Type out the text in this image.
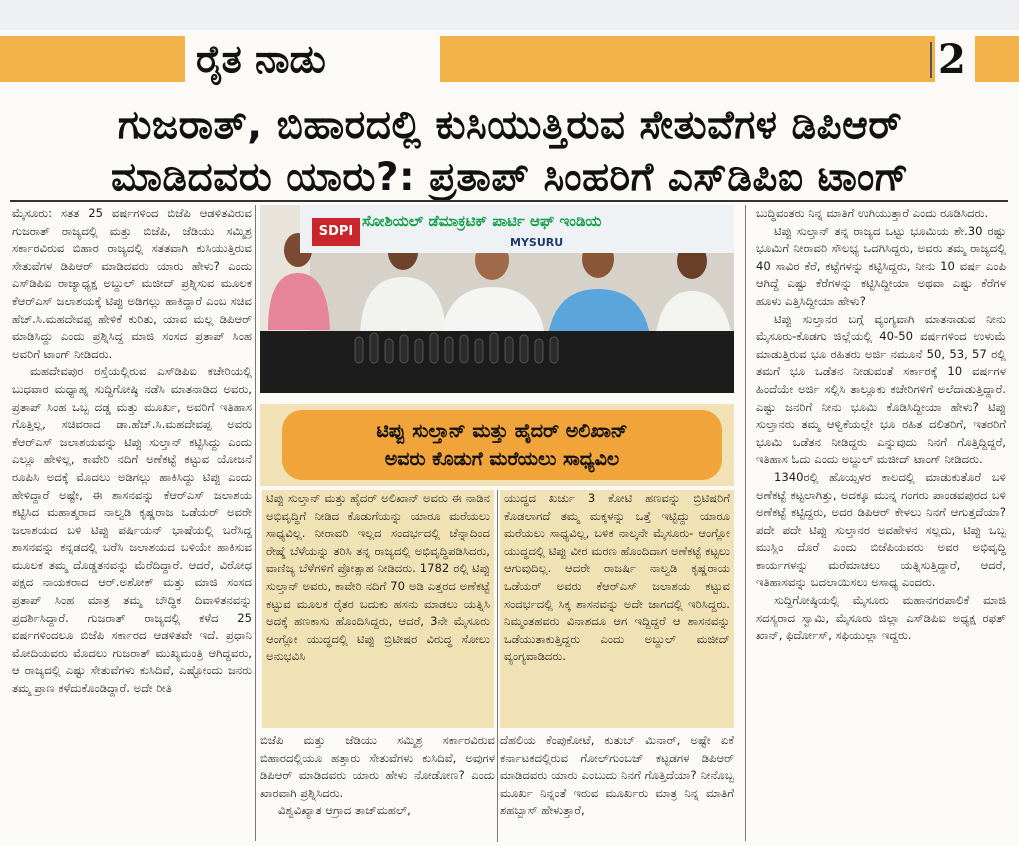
ರೈತ ನಾಡು	2
ಗುಜರಾತ್, ಬಿಹಾರದಲ್ಲಿ ಕುಸಿಯುತ್ತಿರುವ ಸೇತುವೆಗಳ ಡಿಪಿಆರ್
ಮಾಡಿದವರು ಯಾರು?: ಪ್ರತಾಪ್ ಸಿಂಹರಿಗೆ ಎಸ್‌ಡಿಪಿಐ ಟಾಂಗ್

ಮೈಸೂರು: ಸತತ 25 ವರ್ಷಗಳಿಂದ ಬಿಜೆಪಿ ಆಡಳಿತವಿರುವ ಗುಜರಾತ್ ರಾಜ್ಯದಲ್ಲಿ ಮತ್ತು ಬಿಜೆಪಿ, ಜೆಡಿಯು ಸಮ್ಮಿಶ್ರ ಸರ್ಕಾರವಿರುವ ಬಿಹಾರ ರಾಜ್ಯದಲ್ಲಿ ಸತತವಾಗಿ ಕುಸಿಯುತ್ತಿರುವ ಸೇತುವೆಗಳ ಡಿಪಿಆರ್ ಮಾಡಿದವರು ಯಾರು ಹೇಳು? ಎಂದು ಎಸ್‌ಡಿಪಿಐ ರಾಜ್ಯಾಧ್ಯಕ್ಷ ಅಬ್ದುಲ್ ಮಜೀದ್ ಪ್ರಶ್ನಿಸುವ ಮೂಲಕ ಕೆಆರ್‌ಎಸ್ ಜಲಾಶಯಕ್ಕೆ ಟಿಪ್ಪು ಅಡಿಗಲ್ಲು ಹಾಕಿದ್ದಾರೆ ಎಂಬ ಸಚಿವ ಹೆಚ್.ಸಿ.ಮಹದೇವಪ್ಪ ಹೇಳಿಕೆ ಕುರಿತು, ಯಾವ ಮಲ್ಲ ಡಿಪಿಆರ್ ಮಾಡಿಸಿದ್ದು ಎಂದು ಪ್ರಶ್ನಿಸಿದ್ದ ಮಾಜಿ ಸಂಸದ ಪ್ರತಾಪ್ ಸಿಂಹ ಅವರಿಗೆ ಟಾಂಗ್ ನೀಡಿದರು.

ಮಹದೇವಪುರ ರಸ್ತೆಯಲ್ಲಿರುವ ಎಸ್‌ಡಿಪಿಐ ಕಚೇರಿಯಲ್ಲಿ ಬುಧವಾರ ಮಧ್ಯಾಹ್ನ ಸುದ್ದಿಗೋಷ್ಠಿ ನಡೆಸಿ ಮಾತನಾಡಿದ ಅವರು, ಪ್ರತಾಪ್ ಸಿಂಹ ಒಬ್ಬ ದಡ್ಡ ಮತ್ತು ಮೂರ್ಖ, ಅವರಿಗೆ ಇತಿಹಾಸ ಗೊತ್ತಿಲ್ಲ, ಸಚಿವರಾದ ಡಾ.ಹೆಚ್.ಸಿ.ಮಹದೇವಪ್ಪ ಅವರು ಕೆಆರ್‌ಎಸ್ ಜಲಾಶಯವನ್ನು ಟಿಪ್ಪು ಸುಲ್ತಾನ್ ಕಟ್ಟಿಸಿದ್ದು ಎಂದು ಎಲ್ಲೂ ಹೇಳಿಲ್ಲ, ಕಾವೇರಿ ನದಿಗೆ ಅಣೆಕಟ್ಟೆ ಕಟ್ಟುವ ಯೋಜನೆ ರೂಪಿಸಿ ಅದಕ್ಕೆ ಮೊದಲು ಅಡಿಗಲ್ಲು ಹಾಕಿಸಿದ್ದು ಟಿಪ್ಪು ಎಂದು ಹೇಳಿದ್ದಾರೆ ಅಷ್ಟೇ, ಈ ಶಾಸನವನ್ನು ಕೆಆರ್‌ಎಸ್ ಜಲಾಶಯ ಕಟ್ಟಿಸಿದ ಮಹಾತ್ಮರಾದ ನಾಲ್ವಡಿ ಕೃಷ್ಣರಾಜ ಒಡೆಯರ್ ಅವರೇ ಜಲಾಶಯದ ಬಳಿ ಟಿಪ್ಪು ಪರ್ಷಿಯನ್ ಭಾಷೆಯಲ್ಲಿ ಬರೆಸಿದ್ದ ಶಾಸನವನ್ನು ಕನ್ನಡದಲ್ಲಿ ಬರೆಸಿ ಜಲಾಶಯದ ಬಳಿಯೇ ಹಾಕಿಸುವ ಮೂಲಕ ತಮ್ಮ ದೊಡ್ಡತನವನ್ನು ಮೆರೆದಿದ್ದಾರೆ. ಆದರೆ, ವಿರೋಧ ಪಕ್ಷದ ನಾಯಕರಾದ ಆರ್.ಅಶೋಕ್ ಮತ್ತು ಮಾಜಿ ಸಂಸದ ಪ್ರತಾಪ್ ಸಿಂಹ ಮಾತ್ರ ತಮ್ಮ ಬೌದ್ಧಿಕ ದಿವಾಳಿತನವನ್ನು ಪ್ರದರ್ಶಿಸಿದ್ದಾರೆ. ಗುಜರಾತ್ ರಾಜ್ಯದಲ್ಲಿ ಕಳೆದ 25 ವರ್ಷಗಳಿಂದಲೂ ಬಿಜೆಪಿ ಸರ್ಕಾರದ ಆಡಳಿತವೇ ಇದೆ. ಪ್ರಧಾನಿ ಮೋದಿಯವರು ಮೊದಲು ಗುಜರಾತ್ ಮುಖ್ಯಮಂತ್ರಿ ಆಗಿದ್ದವರು, ಆ ರಾಜ್ಯದಲ್ಲಿ ಎಷ್ಟು ಸೇತುವೆಗಳು ಕುಸಿದಿವೆ, ಎಷ್ಟೋಂದು ಜನರು ತಮ್ಮ ಪ್ರಾಣ ಕಳೆದುಕೊಂಡಿದ್ದಾರೆ. ಅದೇ ರೀತಿ

SDPI
ಸೋಶಿಯಲ್ ಡೆಮಾಕ್ರಟಿಕ್ ಪಾರ್ಟಿ ಆಫ್ ಇಂಡಿಯ
MYSURU
ಟಿಪ್ಪು ಸುಲ್ತಾನ್ ಮತ್ತು ಹೈದರ್ ಅಲಿಖಾನ್
ಅವರು ಕೊಡುಗೆ ಮರೆಯಲು ಸಾಧ್ಯವಿಲ

ಟಿಪ್ಪು ಸುಲ್ತಾನ್ ಮತ್ತು ಹೈದರ್ ಅಲಿಖಾನ್ ಅವರು ಈ ನಾಡಿನ ಅಭಿವೃದ್ಧಿಗೆ ನೀಡಿದ ಕೊಡುಗೆಯನ್ನು ಯಾರೂ ಮರೆಯಲು ಸಾಧ್ಯವಿಲ್ಲ. ನೀರಾವರಿ ಇಲ್ಲದ ಸಂದರ್ಭದಲ್ಲಿ ಚೆನ್ನಾದಿಂದ ರೇಷ್ಮೆ ಬೆಳೆಯನ್ನು ತರಿಸಿ ತನ್ನ ರಾಜ್ಯದಲ್ಲಿ ಅಭಿವೃದ್ಧಿಪಡಿಸಿದರು, ವಾಣಿಜ್ಯ ಬೆಳೆಗಳಿಗೆ ಪ್ರೋತ್ಸಾಹ ನೀಡಿದರು. 1782 ರಲ್ಲಿ ಟಿಪ್ಪು ಸುಲ್ತಾನ್ ಅವರು, ಕಾವೇರಿ ನದಿಗೆ 70 ಅಡಿ ಎತ್ತರದ ಅಣೆಕಟ್ಟೆ ಕಟ್ಟುವ ಮೂಲಕ ರೈತರ ಬದುಕು ಹಸನು ಮಾಡಲು ಯತ್ನಿಸಿ ಅದಕ್ಕೆ ಹಣಕಾಸು ಹೊಂದಿಸಿದ್ದರು, ಆದರೆ, 3ನೇ ಮೈಸೂರು ಆಂಗ್ಲೋ ಯುದ್ಧದಲ್ಲಿ ಟಿಪ್ಪು ಬ್ರಿಟೀಷರ ವಿರುದ್ಧ ಸೋಲು ಅನುಭವಿಸಿ

ಯುದ್ಧದ ಖರ್ಚು 3 ಕೋಟಿ ಹಣವನ್ನು ಬ್ರಿಟಿಷರಿಗೆ ಕೊಡಲಾಗದೆ ತಮ್ಮ ಮಕ್ಕಳನ್ನು ಒತ್ತೆ ಇಟ್ಟಿದ್ದು ಯಾರೂ ಮರೆಯಲು ಸಾಧ್ಯವಿಲ್ಲ, ಬಳಿಕ ನಾಲ್ಕನೇ ಮೈಸೂರು- ಆಂಗ್ಲೋ ಯುದ್ಧದಲ್ಲಿ ಟಿಪ್ಪು ವೀರ ಮರಣ ಹೊಂದಿದಾಗ ಅಣೆಕಟ್ಟೆ ಕಟ್ಟಲು ಆಗುವುದಿಲ್ಲ. ಆದರೇ ರಾಜರ್ಷಿ ನಾಲ್ವಡಿ ಕೃಷ್ಣರಾಯ ಒಡೆಯರ್ ಅವರು ಕೆಆರ್‌ಎಸ್ ಜಲಾಶಯ ಕಟ್ಟುವ ಸಂದರ್ಭದಲ್ಲಿ ಸಿಕ್ಕ ಶಾಸನವನ್ನು ಅದೇ ಜಾಗದಲ್ಲಿ ಇರಿಸಿದ್ದರು. ನಿಮ್ಮಂತಹವರು ವಿನಾಶದೂ ಆಗ ಇದ್ದಿದ್ದರೆ ಆ ಶಾಸನವನ್ನು ಒಡೆಯುತಾಕುತ್ತಿದ್ದರು ಎಂದು ಅಬ್ದುಲ್ ಮಜೀದ್ ವ್ಯಂಗ್ಯವಾಡಿದರು.

ಬಿಜೆಪಿ ಮತ್ತು ಜೆಡಿಯು ಸಮ್ಮಿಶ್ರ ಸರ್ಕಾರವಿರುವ ಬಿಹಾರದಲ್ಲಿಯೂ ಹತ್ತಾರು ಸೇತುವೆಗಳು ಕುಸಿದಿವೆ, ಅವುಗಳ ಡಿಪಿಆರ್ ಮಾಡಿದವರು ಯಾರು ಹೇಳು ನೋಡೋಣ? ಎಂದು ಖಾರವಾಗಿ ಪ್ರಶ್ನಿಸಿದರು.

ವಿಶ್ವವಿಖ್ಯಾತ ಆಗ್ರಾದ ತಾಜ್‌ಮಹಲ್,

ದೆಹಲಿಯ ಕೆಂಪುಕೋಟೆ, ಕುತುಬ್ ಮಿನಾರ್, ಅಷ್ಟೇ ಏಕೆ ಕರ್ನಾಟಕದಲ್ಲಿರುವ ಗೋಲ್‌ಗುಂಬಜ್ ಕಟ್ಟಡಗಳ ಡಿಪಿಆರ್ ಮಾಡಿದವರು ಯಾರು ಎಂಬುದು ನಿನಗೆ ಗೊತ್ತಿದೆಯಾ? ನೀನೊಬ್ಬ ಮೂರ್ಖ ನಿನ್ನಂತೆ ಇರುವ ಮೂರ್ಖರು ಮಾತ್ರ ನಿನ್ನ ಮಾತಿಗೆ ಶಹಬ್ಬಾಸ್ ಹೇಳುತ್ತಾರೆ,

ಬುದ್ಧಿವಂತರು ನಿನ್ನ ಮಾತಿಗೆ ಉಗಿಯುತ್ತಾರೆ ಎಂದು ರೂಡಿಸಿದರು.

ಟಿಪ್ಪು ಸುಲ್ತಾನ್ ತನ್ನ ರಾಜ್ಯದ ಒಟ್ಟು ಭೂಮಿಯ ಶೇ.30 ರಷ್ಟು ಭೂಮಿಗೆ ನೀರಾವರಿ ಸೌಲಭ್ಯ ಒದಗಿಸಿದ್ದರು, ಅವರು ತಮ್ಮ ರಾಜ್ಯದಲ್ಲಿ 40 ಸಾವಿರ ಕೆರೆ, ಕಟ್ಟೆಗಳನ್ನು ಕಟ್ಟಿಸಿದ್ದರು, ನೀನು 10 ವರ್ಷ ಎಂಪಿ ಆಗಿದ್ದೆ ಎಷ್ಟು ಕೆರೆಗಳನ್ನು ಕಟ್ಟಿಸಿದ್ದೀಯಾ ಅಥವಾ ಎಷ್ಟು ಕೆರೆಗಳ ಹೂಳು ಎತ್ತಿಸಿದ್ದೀಯಾ ಹೇಳು?

ಟಿಪ್ಪು ಸುಲ್ತಾನರ ಬಗ್ಗೆ ವ್ಯಂಗ್ಯವಾಗಿ ಮಾತನಾಡುವ ನೀನು ಮೈಸೂರು-ಕೊಡಗು ಜಿಲ್ಲೆಯಲ್ಲಿ 40-50 ವರ್ಷಗಳಿಂದ ಉಳುಮೆ ಮಾಡುತ್ತಿರುವ ಭೂ ರಹಿತರು ಅರ್ಜಿ ನಮೂನೆ 50, 53, 57 ರಲ್ಲಿ ತಮಗೆ ಭೂ ಒಡೆತನ ನೀಡುವಂತೆ ಸರ್ಕಾರಕ್ಕೆ 10 ವರ್ಷಗಳ ಹಿಂದೆಯೇ ಅರ್ಜಿ ಸಲ್ಲಿಸಿ ತಾಲ್ಲೂಕು ಕಚೇರಿಗಳಿಗೆ ಅಲೆದಾಡುತ್ತಿದ್ದಾರೆ. ಎಷ್ಟು ಜನರಿಗೆ ನೀನು ಭೂಮಿ ಕೊಡಿಸಿದ್ದೀಯಾ ಹೇಳು? ಟಿಪ್ಪು ಸುಲ್ತಾನರು ತಮ್ಮ ಆಳ್ವಿಕೆಯಲ್ಲೇ ಭೂ ರಹಿತ ದಲಿತರಿಗೆ, ಇತರರಿಗೆ ಭೂಮಿ ಒಡೆತನ ನೀಡಿದ್ದರು ಎನ್ನುವುದು ನಿನಗೆ ಗೊತ್ತಿದ್ದಿದ್ದರೆ, ಇತಿಹಾಸ ಓದು ಎಂದು ಅಬ್ದುಲ್ ಮಜೀದ್ ಟಾಂಗ್ ನೀಡಿದರು.

1340ರಲ್ಲಿ ಹೊಯ್ಸಳರ ಕಾಲದಲ್ಲಿ ಮಾಡುಕುತೊರೆ ಬಳಿ ಅಣೆಕಟ್ಟೆ ಕಟ್ಟಲಾಗಿತ್ತು, ಅದಕ್ಕೂ ಮುನ್ನ ಗಂಗರು ಪಾಂಡವಪುರದ ಬಳಿ ಅಣೆಕಟ್ಟೆ ಕಟ್ಟಿದ್ದರು, ಅದರ ಡಿಪಿಆರ್ ಕೇಳಲು ನಿನಗೆ ಆಗುತ್ತದೆಯಾ? ಪದೇ ಪದೇ ಟಿಪ್ಪು ಸುಲ್ತಾನರ ಅವಹೇಳನ ಸಲ್ಲದು, ಟಿಪ್ಪು ಒಬ್ಬ ಮುಸ್ಲಿಂ ದೊರೆ ಎಂದು ಬಿಜೆಪಿಯವರು ಅವರ ಅಭಿವೃದ್ಧಿ ಕಾರ್ಯಗಳನ್ನು ಮರೆಮಾಚಲು ಯತ್ನಿಸುತ್ತಿದ್ದಾರೆ, ಆದರೆ, ಇತಿಹಾಸವನ್ನು ಬದಲಾಯಿಸಲು ಅಸಾಧ್ಯ ಎಂದರು.

ಸುದ್ದಿಗೋಷ್ಠಿಯಲ್ಲಿ ಮೈಸೂರು ಮಹಾನಗರಪಾಲಿಕೆ ಮಾಜಿ ಸದಸ್ಯರಾದ ಸ್ವಾಮಿ, ಮೈಸೂರು ಜಿಲ್ಲಾ ಎಸ್‌ಡಿಪಿಐ ಅಧ್ಯಕ್ಷ ರಫತ್ ಖಾನ್, ಫಿರ್ದೋಸ್, ಸಫಿಯುಲ್ಲಾ ಇದ್ದರು.
